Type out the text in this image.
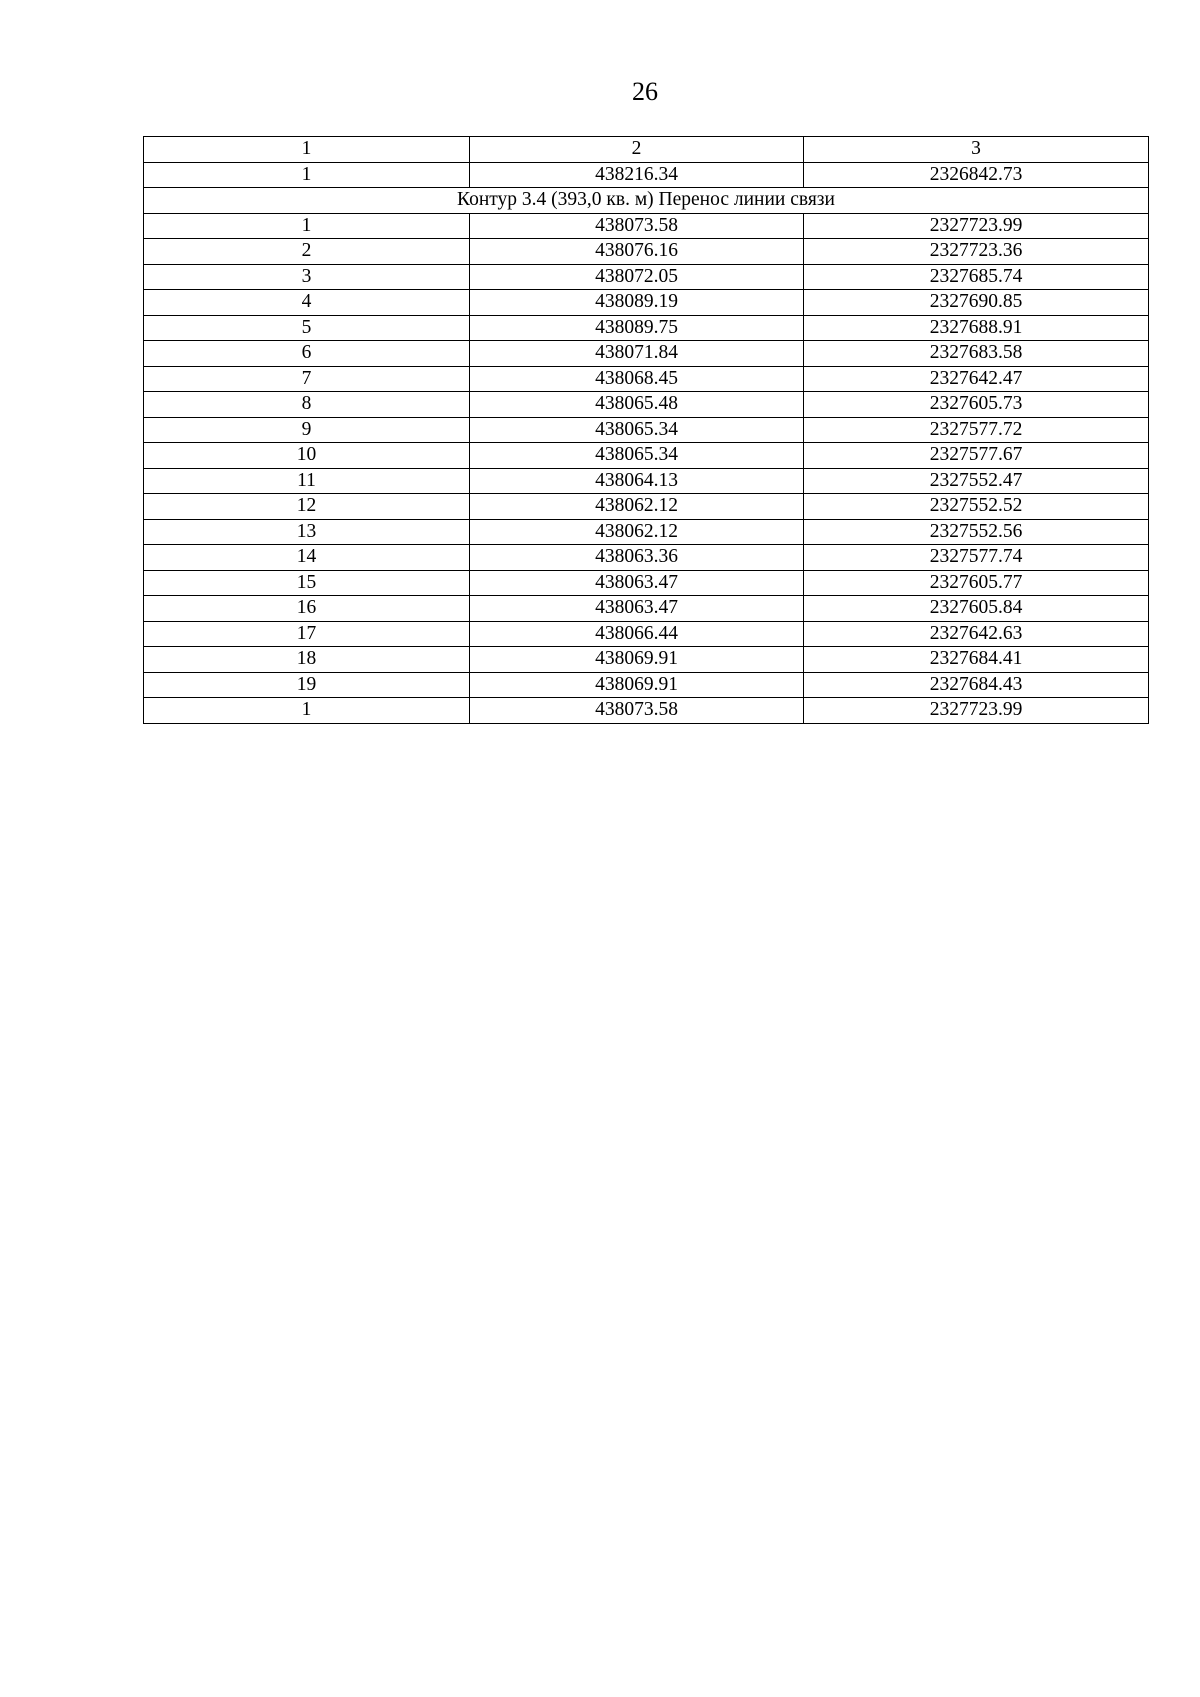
26
1	2	3
1	438216.34	2326842.73
Контур 3.4 (393,0 кв. м) Перенос линии связи		
1	438073.58	2327723.99
2	438076.16	2327723.36
3	438072.05	2327685.74
4	438089.19	2327690.85
5	438089.75	2327688.91
6	438071.84	2327683.58
7	438068.45	2327642.47
8	438065.48	2327605.73
9	438065.34	2327577.72
10	438065.34	2327577.67
11	438064.13	2327552.47
12	438062.12	2327552.52
13	438062.12	2327552.56
14	438063.36	2327577.74
15	438063.47	2327605.77
16	438063.47	2327605.84
17	438066.44	2327642.63
18	438069.91	2327684.41
19	438069.91	2327684.43
1	438073.58	2327723.99
